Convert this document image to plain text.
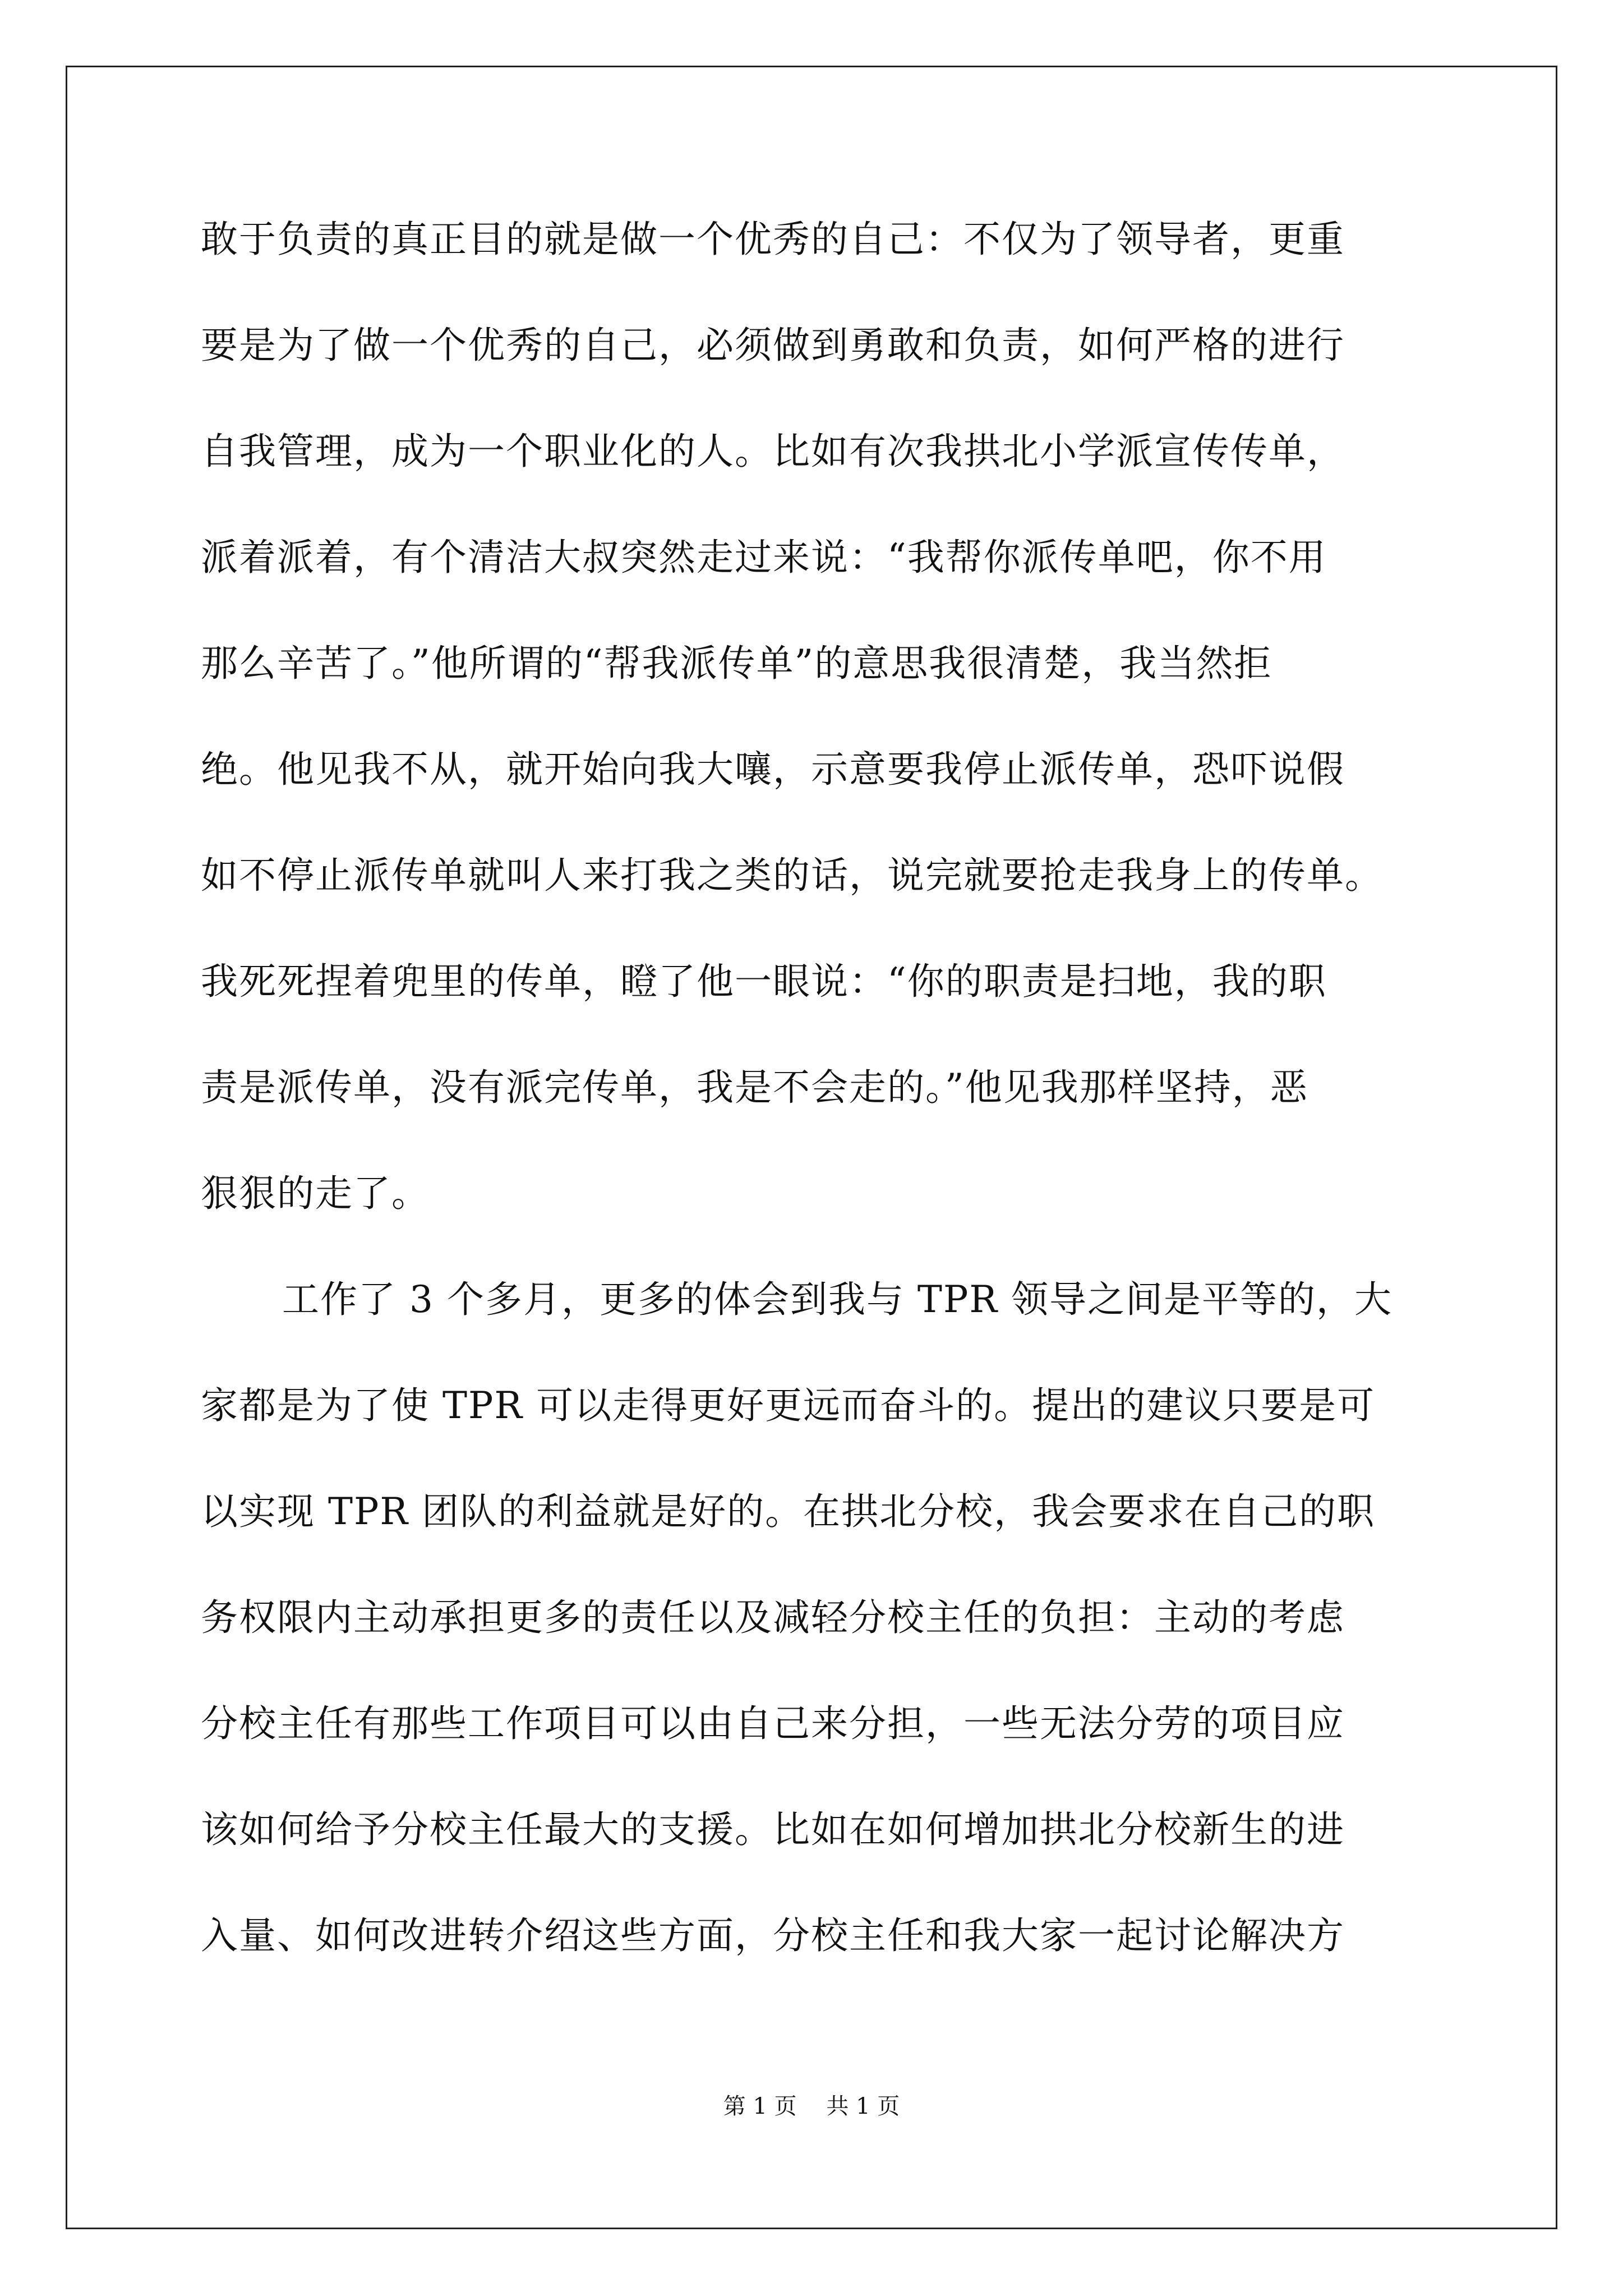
敢于负责的真正目的就是做一个优秀的自己：不仅为了领导者，更重
要是为了做一个优秀的自己，必须做到勇敢和负责，如何严格的进行
自我管理，成为一个职业化的人。比如有次我拱北小学派宣传传单，
派着派着，有个清洁大叔突然走过来说：“我帮你派传单吧，你不用
那么辛苦了。”他所谓的“帮我派传单”的意思我很清楚，我当然拒
绝。他见我不从，就开始向我大嚷，示意要我停止派传单，恐吓说假
如不停止派传单就叫人来打我之类的话，说完就要抢走我身上的传单。
我死死捏着兜里的传单，瞪了他一眼说：“你的职责是扫地，我的职
责是派传单，没有派完传单，我是不会走的。”他见我那样坚持，恶
狠狠的走了。
工作了 3 个多月，更多的体会到我与 TPR 领导之间是平等的，大
家都是为了使 TPR 可以走得更好更远而奋斗的。提出的建议只要是可
以实现 TPR 团队的利益就是好的。在拱北分校，我会要求在自己的职
务权限内主动承担更多的责任以及减轻分校主任的负担：主动的考虑
分校主任有那些工作项目可以由自己来分担，一些无法分劳的项目应
该如何给予分校主任最大的支援。比如在如何增加拱北分校新生的进
入量、如何改进转介绍这些方面，分校主任和我大家一起讨论解决方
第 1 页 共 1 页
